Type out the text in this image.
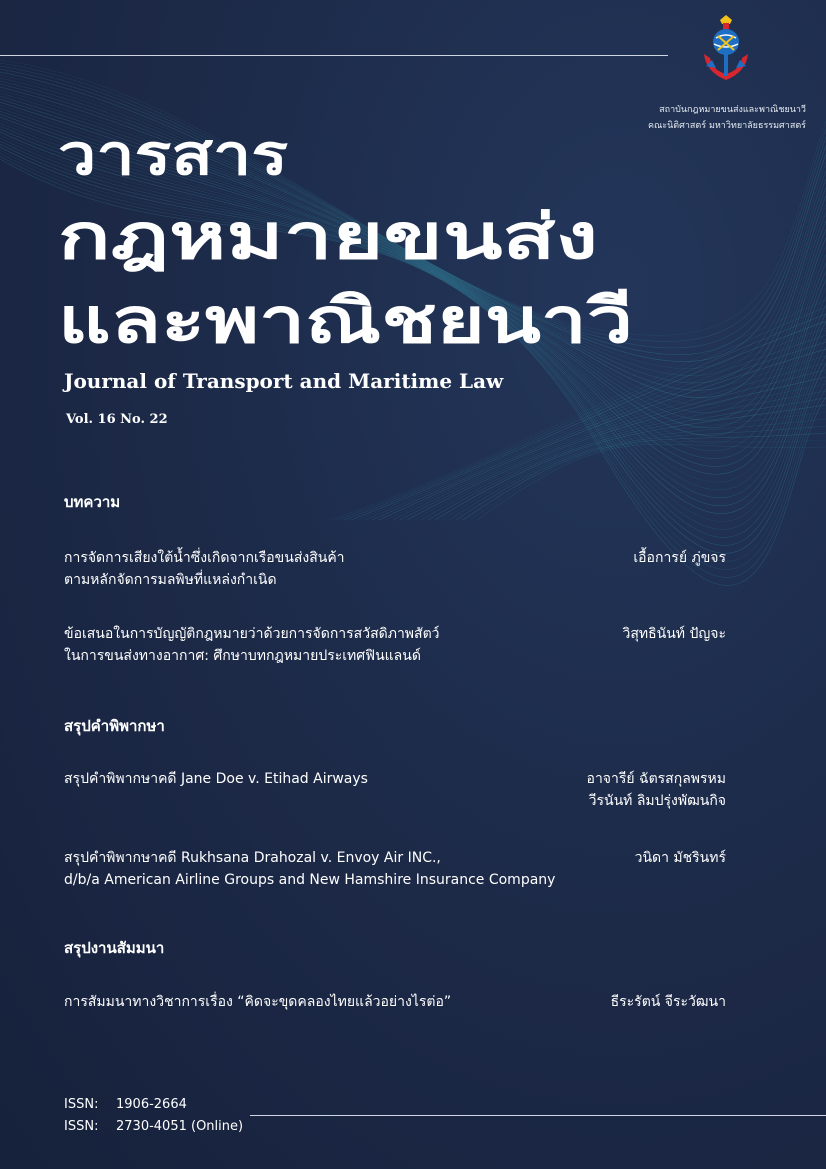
สถาบันกฎหมายขนส่งและพาณิชยนาวี
คณะนิติศาสตร์ มหาวิทยาลัยธรรมศาสตร์
วารสาร
กฎหมายขนส่ง
และพาณิชยนาวี
Journal of Transport and Maritime Law
Vol. 16 No. 22
บทความ
การจัดการเสียงใต้น้ำซึ่งเกิดจากเรือขนส่งสินค้า
ตามหลักจัดการมลพิษที่แหล่งกำเนิด
เอื้อการย์ ภู่ขจร
ข้อเสนอในการบัญญัติกฎหมายว่าด้วยการจัดการสวัสดิภาพสัตว์
ในการขนส่งทางอากาศ: ศึกษาบทกฎหมายประเทศฟินแลนด์
วิสุทธินันท์ ปัญจะ
สรุปคำพิพากษา
สรุปคำพิพากษาคดี Jane Doe v. Etihad Airways	อาจารีย์ ฉัตรสกุลพรหม
วีรนันท์ ลิมปรุ่งพัฒนกิจ
สรุปคำพิพากษาคดี Rukhsana Drahozal v. Envoy Air INC.,
d/b/a American Airline Groups and New Hamshire Insurance Company
วนิดา มัชรินทร์
สรุปงานสัมมนา
การสัมมนาทางวิชาการเรื่อง “คิดจะขุดคลองไทยแล้วอย่างไรต่อ”	ธีระรัตน์ จีระวัฒนา
ISSN: 1906-2664
ISSN: 2730-4051 (Online)
